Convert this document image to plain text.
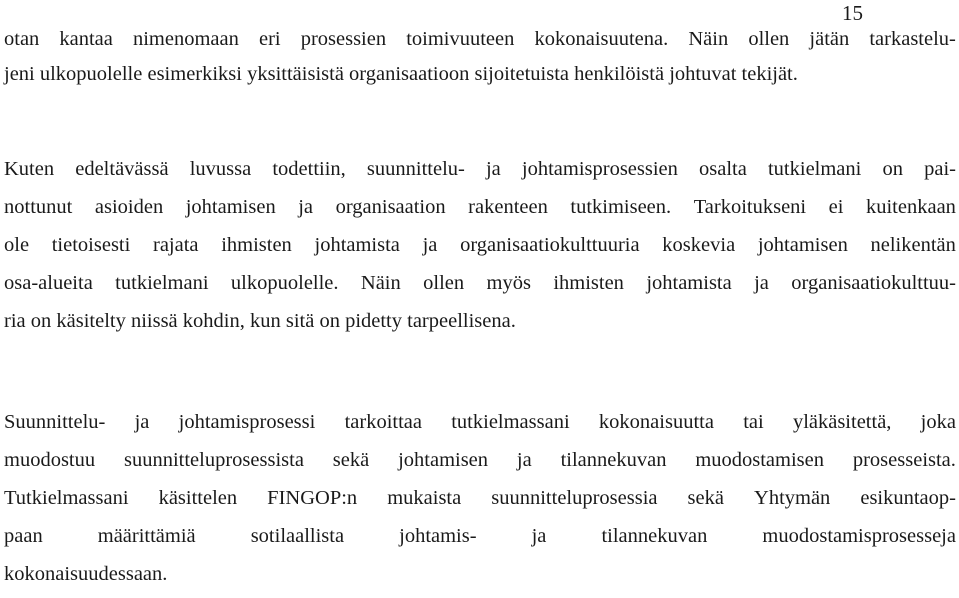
15
otan kantaa nimenomaan eri prosessien toimivuuteen kokonaisuutena. Näin ollen jätän tarkastelu-
jeni ulkopuolelle esimerkiksi yksittäisistä organisaatioon sijoitetuista henkilöistä johtuvat tekijät.
Kuten edeltävässä luvussa todettiin, suunnittelu- ja johtamisprosessien osalta tutkielmani on pai-
nottunut asioiden johtamisen ja organisaation rakenteen tutkimiseen. Tarkoitukseni ei kuitenkaan
ole tietoisesti rajata ihmisten johtamista ja organisaatiokulttuuria koskevia johtamisen nelikentän
osa-alueita tutkielmani ulkopuolelle. Näin ollen myös ihmisten johtamista ja organisaatiokulttuu-
ria on käsitelty niissä kohdin, kun sitä on pidetty tarpeellisena.
Suunnittelu- ja johtamisprosessi tarkoittaa tutkielmassani kokonaisuutta tai yläkäsitettä, joka
muodostuu suunnitteluprosessista sekä johtamisen ja tilannekuvan muodostamisen prosesseista.
Tutkielmassani käsittelen FINGOP:n mukaista suunnitteluprosessia sekä Yhtymän esikuntaop-
paan	määrittämiä	sotilaallista	johtamis-	ja	tilannekuvan	muodostamisprosesseja
kokonaisuudessaan.
